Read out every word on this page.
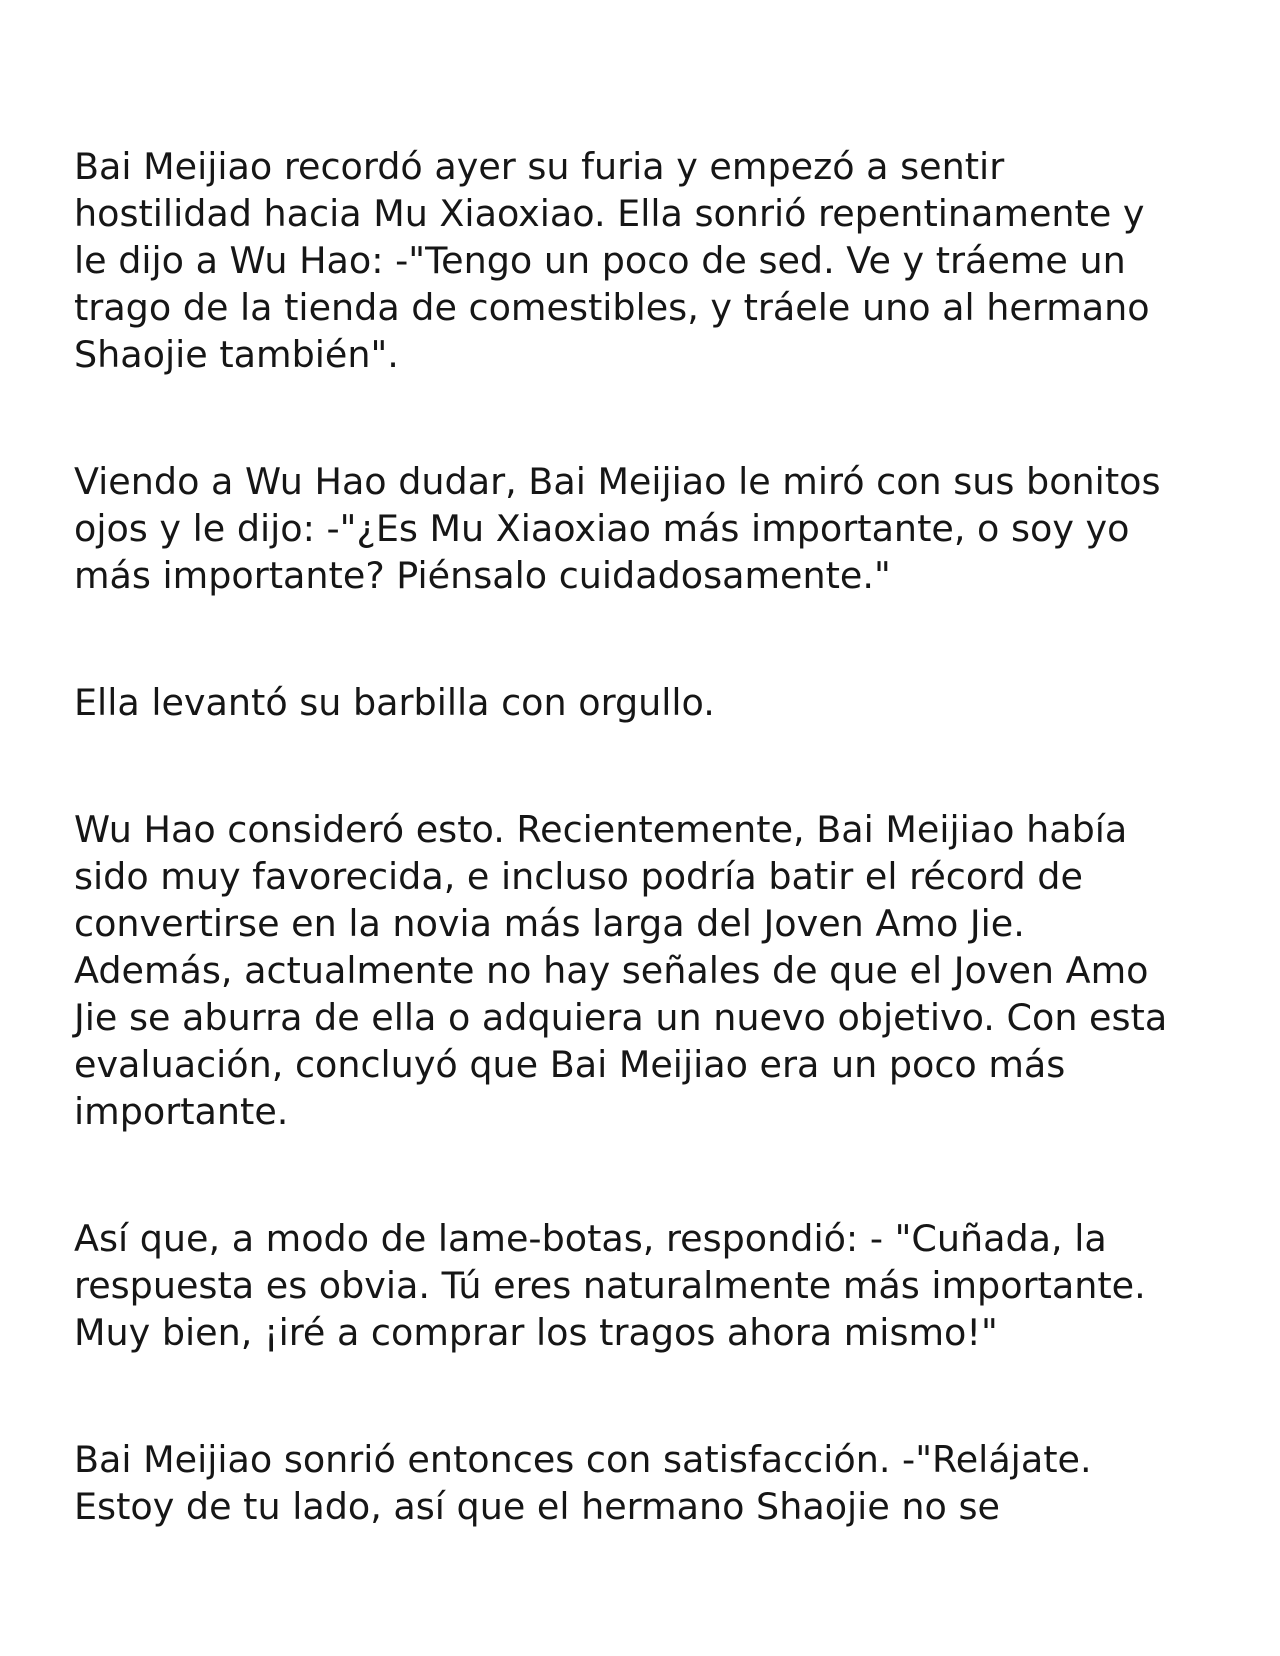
Bai Meijiao recordó ayer su furia y empezó a sentir
hostilidad hacia Mu Xiaoxiao. Ella sonrió repentinamente y
le dijo a Wu Hao: -"Tengo un poco de sed. Ve y tráeme un
trago de la tienda de comestibles, y tráele uno al hermano
Shaojie también".

Viendo a Wu Hao dudar, Bai Meijiao le miró con sus bonitos
ojos y le dijo: -"¿Es Mu Xiaoxiao más importante, o soy yo
más importante? Piénsalo cuidadosamente."

Ella levantó su barbilla con orgullo.

Wu Hao consideró esto. Recientemente, Bai Meijiao había
sido muy favorecida, e incluso podría batir el récord de
convertirse en la novia más larga del Joven Amo Jie.
Además, actualmente no hay señales de que el Joven Amo
Jie se aburra de ella o adquiera un nuevo objetivo. Con esta
evaluación, concluyó que Bai Meijiao era un poco más
importante.

Así que, a modo de lame-botas, respondió: - "Cuñada, la
respuesta es obvia. Tú eres naturalmente más importante.
Muy bien, ¡iré a comprar los tragos ahora mismo!"

Bai Meijiao sonrió entonces con satisfacción. -"Relájate.
Estoy de tu lado, así que el hermano Shaojie no se
